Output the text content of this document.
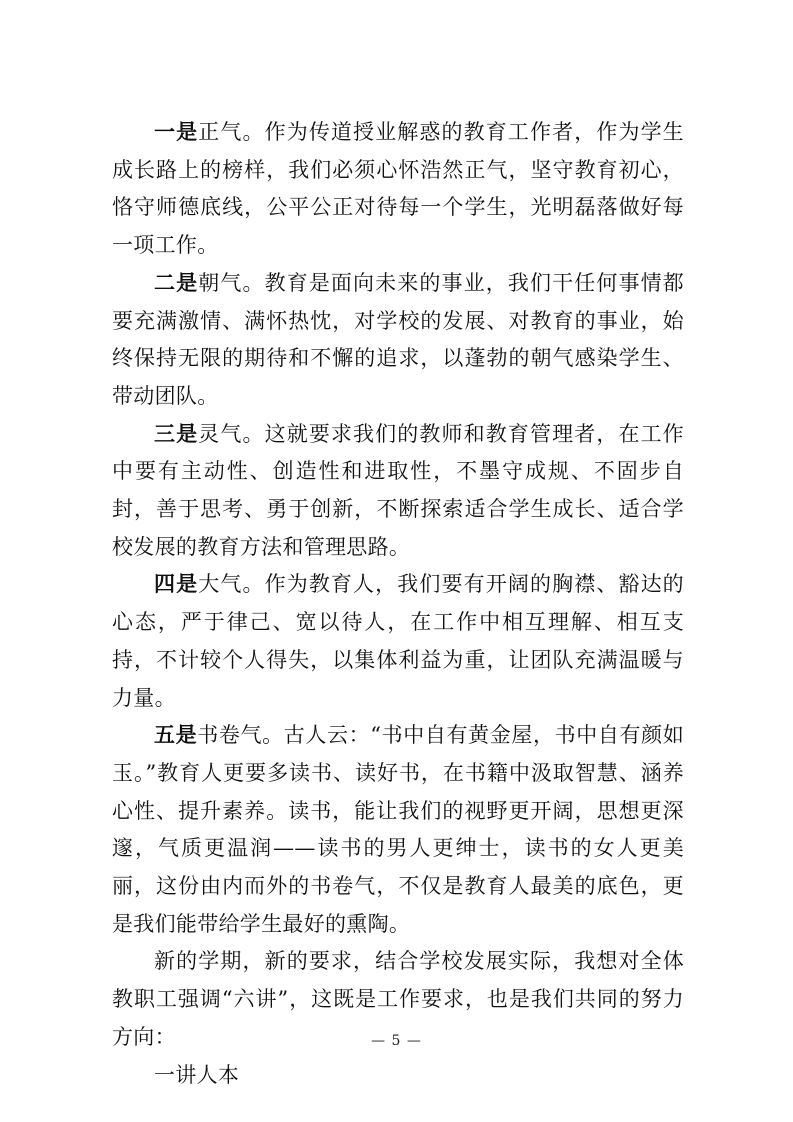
一是正气。作为传道授业解惑的教育工作者，作为学生成长路上的榜样，我们必须心怀浩然正气，坚守教育初心，恪守师德底线，公平公正对待每一个学生，光明磊落做好每一项工作。

二是朝气。教育是面向未来的事业，我们干任何事情都要充满激情、满怀热忱，对学校的发展、对教育的事业，始终保持无限的期待和不懈的追求，以蓬勃的朝气感染学生、带动团队。

三是灵气。这就要求我们的教师和教育管理者，在工作中要有主动性、创造性和进取性，不墨守成规、不固步自封，善于思考、勇于创新，不断探索适合学生成长、适合学校发展的教育方法和管理思路。

四是大气。作为教育人，我们要有开阔的胸襟、豁达的心态，严于律己、宽以待人，在工作中相互理解、相互支持，不计较个人得失，以集体利益为重，让团队充满温暖与力量。

五是书卷气。古人云：“书中自有黄金屋，书中自有颜如玉。”教育人更要多读书、读好书，在书籍中汲取智慧、涵养心性、提升素养。读书，能让我们的视野更开阔，思想更深邃，气质更温润——读书的男人更绅士，读书的女人更美丽，这份由内而外的书卷气，不仅是教育人最美的底色，更是我们能带给学生最好的熏陶。

新的学期，新的要求，结合学校发展实际，我想对全体教职工强调“六讲”，这既是工作要求，也是我们共同的努力方向：

一讲人本

— 5 —
